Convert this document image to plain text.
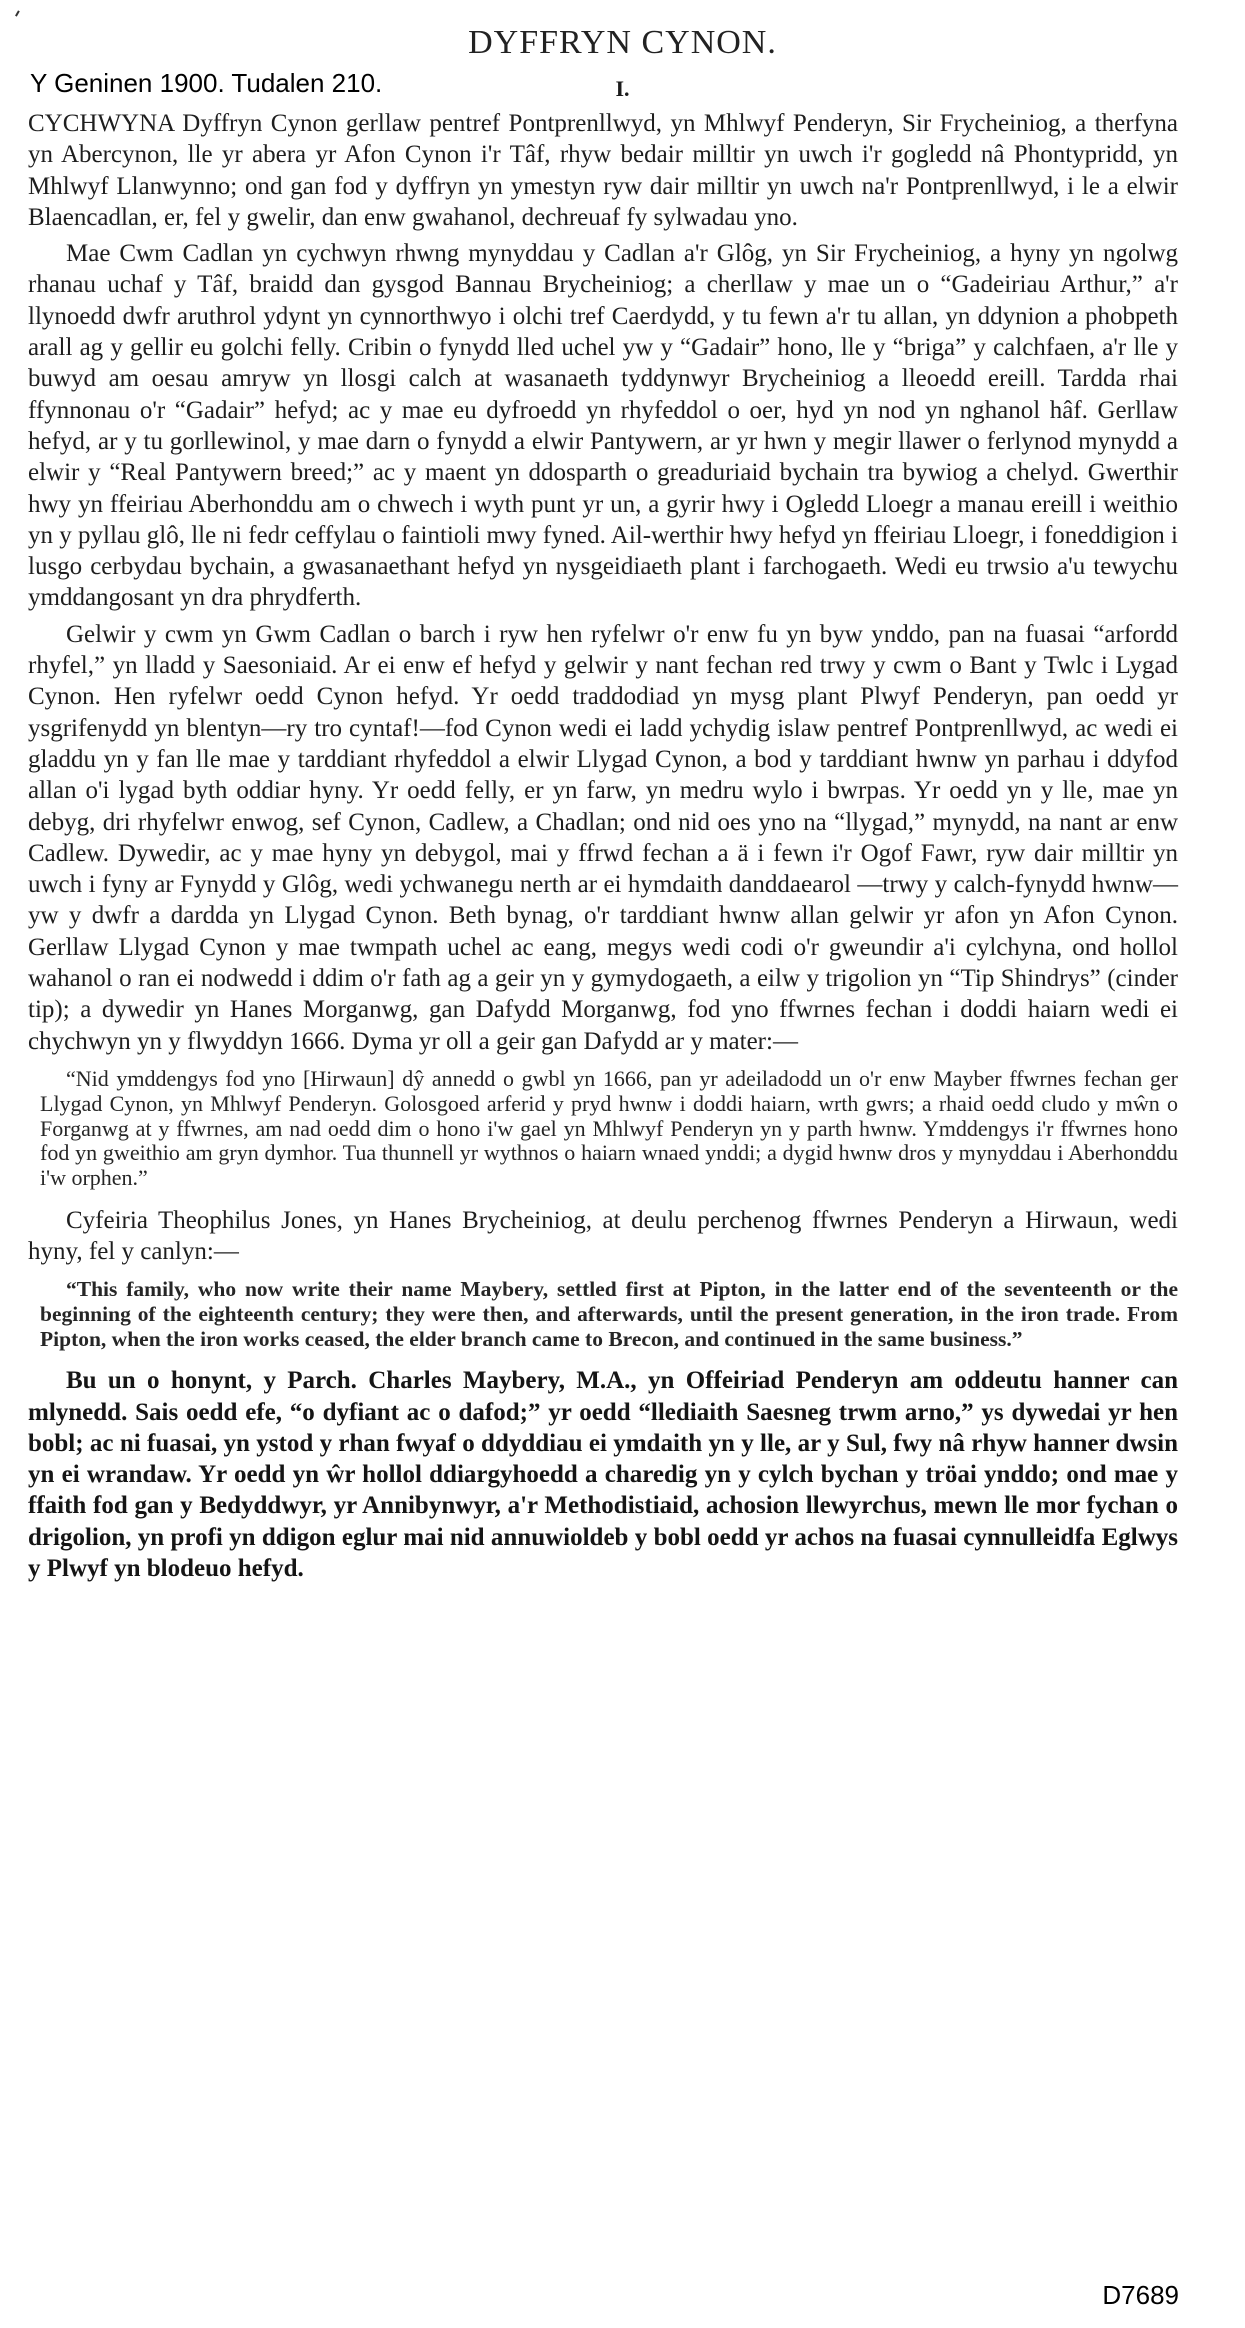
DYFFRYN CYNON.
Y Geninen 1900. Tudalen 210.	I.

CYCHWYNA Dyffryn Cynon gerllaw pentref Pontprenllwyd, yn Mhlwyf Penderyn, Sir Frycheiniog, a therfyna yn Abercynon, lle yr abera yr Afon Cynon i'r Tâf, rhyw bedair milltir yn uwch i'r gogledd nâ Phontypridd, yn Mhlwyf Llanwynno; ond gan fod y dyffryn yn ymestyn ryw dair milltir yn uwch na'r Pontprenllwyd, i le a elwir Blaencadlan, er, fel y gwelir, dan enw gwahanol, dechreuaf fy sylwadau yno.

Mae Cwm Cadlan yn cychwyn rhwng mynyddau y Cadlan a'r Glôg, yn Sir Frycheiniog, a hyny yn ngolwg rhanau uchaf y Tâf, braidd dan gysgod Bannau Brycheiniog; a cherllaw y mae un o “Gadeiriau Arthur,” a'r llynoedd dwfr aruthrol ydynt yn cynnorthwyo i olchi tref Caerdydd, y tu fewn a'r tu allan, yn ddynion a phobpeth arall ag y gellir eu golchi felly. Cribin o fynydd lled uchel yw y “Gadair” hono, lle y “briga” y calchfaen, a'r lle y buwyd am oesau amryw yn llosgi calch at wasanaeth tyddynwyr Brycheiniog a lleoedd ereill. Tardda rhai ffynnonau o'r “Gadair” hefyd; ac y mae eu dyfroedd yn rhyfeddol o oer, hyd yn nod yn nghanol hâf. Gerllaw hefyd, ar y tu gorllewinol, y mae darn o fynydd a elwir Pantywern, ar yr hwn y megir llawer o ferlynod mynydd a elwir y “Real Pantywern breed;” ac y maent yn ddosparth o greaduriaid bychain tra bywiog a chelyd. Gwerthir hwy yn ffeiriau Aberhonddu am o chwech i wyth punt yr un, a gyrir hwy i Ogledd Lloegr a manau ereill i weithio yn y pyllau glô, lle ni fedr ceffylau o faintioli mwy fyned. Ail-werthir hwy hefyd yn ffeiriau Lloegr, i foneddigion i lusgo cerbydau bychain, a gwasanaethant hefyd yn nysgeidiaeth plant i farchogaeth. Wedi eu trwsio a'u tewychu ymddangosant yn dra phrydferth.

Gelwir y cwm yn Gwm Cadlan o barch i ryw hen ryfelwr o'r enw fu yn byw ynddo, pan na fuasai “arfordd rhyfel,” yn lladd y Saesoniaid. Ar ei enw ef hefyd y gelwir y nant fechan red trwy y cwm o Bant y Twlc i Lygad Cynon. Hen ryfelwr oedd Cynon hefyd. Yr oedd traddodiad yn mysg plant Plwyf Penderyn, pan oedd yr ysgrifenydd yn blentyn—ry tro cyntaf!—fod Cynon wedi ei ladd ychydig islaw pentref Pontprenllwyd, ac wedi ei gladdu yn y fan lle mae y tarddiant rhyfeddol a elwir Llygad Cynon, a bod y tarddiant hwnw yn parhau i ddyfod allan o'i lygad byth oddiar hyny. Yr oedd felly, er yn farw, yn medru wylo i bwrpas. Yr oedd yn y lle, mae yn debyg, dri rhyfelwr enwog, sef Cynon, Cadlew, a Chadlan; ond nid oes yno na “llygad,” mynydd, na nant ar enw Cadlew. Dywedir, ac y mae hyny yn debygol, mai y ffrwd fechan a ä i fewn i'r Ogof Fawr, ryw dair milltir yn uwch i fyny ar Fynydd y Glôg, wedi ychwanegu nerth ar ei hymdaith danddaearol —trwy y calch-fynydd hwnw—yw y dwfr a dardda yn Llygad Cynon. Beth bynag, o'r tarddiant hwnw allan gelwir yr afon yn Afon Cynon. Gerllaw Llygad Cynon y mae twmpath uchel ac eang, megys wedi codi o'r gweundir a'i cylchyna, ond hollol wahanol o ran ei nodwedd i ddim o'r fath ag a geir yn y gymydogaeth, a eilw y trigolion yn “Tip Shindrys” (cinder tip); a dywedir yn Hanes Morganwg, gan Dafydd Morganwg, fod yno ffwrnes fechan i doddi haiarn wedi ei chychwyn yn y flwyddyn 1666. Dyma yr oll a geir gan Dafydd ar y mater:—

“Nid ymddengys fod yno [Hirwaun] dŷ annedd o gwbl yn 1666, pan yr adeiladodd un o'r enw Mayber ffwrnes fechan ger Llygad Cynon, yn Mhlwyf Penderyn. Golosgoed arferid y pryd hwnw i doddi haiarn, wrth gwrs; a rhaid oedd cludo y mŵn o Forganwg at y ffwrnes, am nad oedd dim o hono i'w gael yn Mhlwyf Penderyn yn y parth hwnw. Ymddengys i'r ffwrnes hono fod yn gweithio am gryn dymhor. Tua thunnell yr wythnos o haiarn wnaed ynddi; a dygid hwnw dros y mynyddau i Aberhonddu i'w orphen.”

Cyfeiria Theophilus Jones, yn Hanes Brycheiniog, at deulu perchenog ffwrnes Penderyn a Hirwaun, wedi hyny, fel y canlyn:—

“This family, who now write their name Maybery, settled first at Pipton, in the latter end of the seventeenth or the beginning of the eighteenth century; they were then, and afterwards, until the present generation, in the iron trade. From Pipton, when the iron works ceased, the elder branch came to Brecon, and continued in the same business.”

Bu un o honynt, y Parch. Charles Maybery, M.A., yn Offeiriad Penderyn am oddeutu hanner can mlynedd. Sais oedd efe, “o dyfiant ac o dafod;” yr oedd “llediaith Saesneg trwm arno,” ys dywedai yr hen bobl; ac ni fuasai, yn ystod y rhan fwyaf o ddyddiau ei ymdaith yn y lle, ar y Sul, fwy nâ rhyw hanner dwsin yn ei wrandaw. Yr oedd yn ŵr hollol ddiargyhoedd a charedig yn y cylch bychan y tröai ynddo; ond mae y ffaith fod gan y Bedyddwyr, yr Annibynwyr, a'r Methodistiaid, achosion llewyrchus, mewn lle mor fychan o drigolion, yn profi yn ddigon eglur mai nid annuwioldeb y bobl oedd yr achos na fuasai cynnulleidfa Eglwys y Plwyf yn blodeuo hefyd.

D7689
